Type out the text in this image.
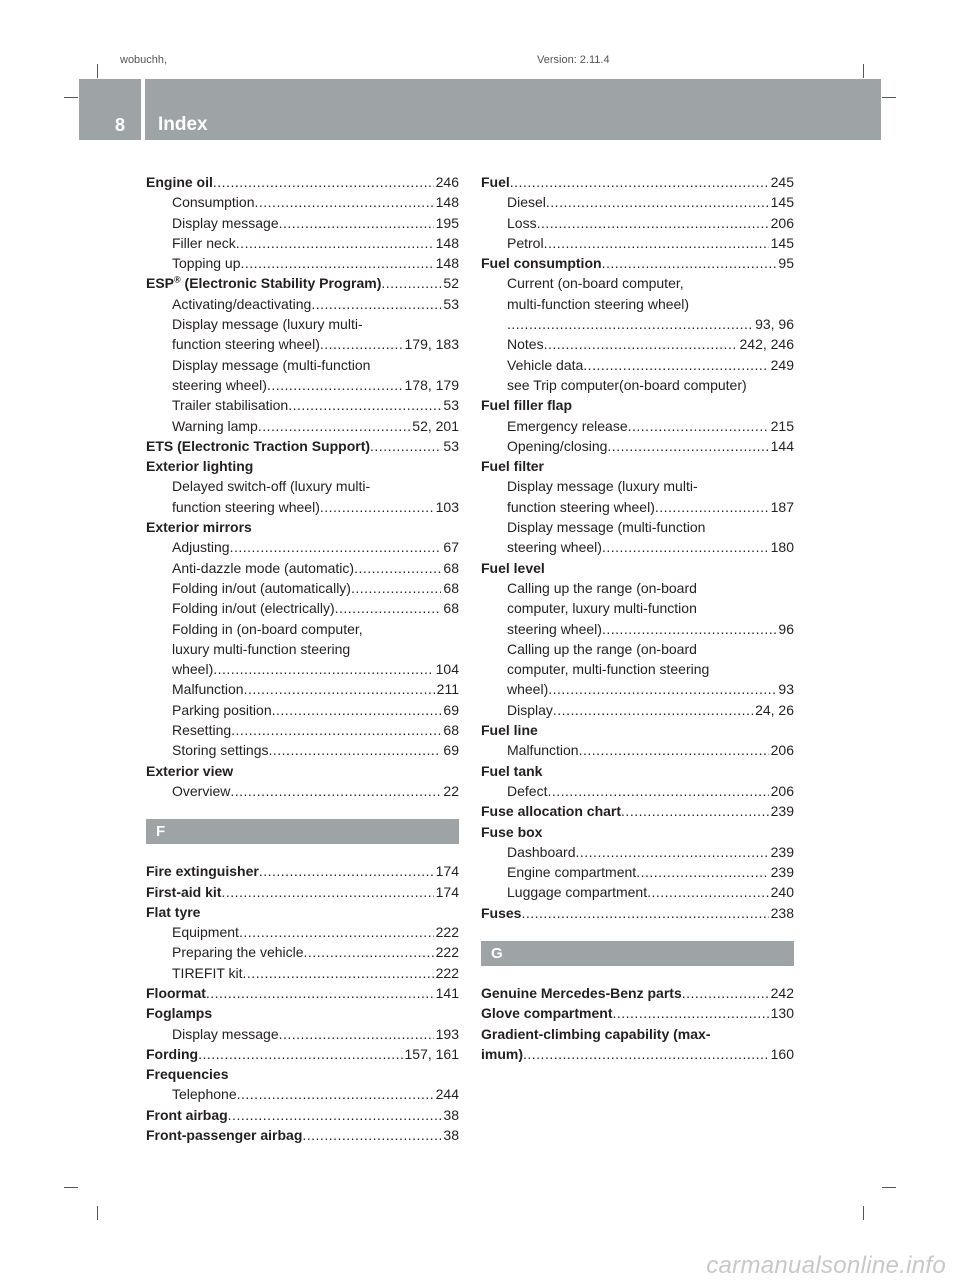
wobuchh,	Version: 2.11.4
8 Index
Engine oil .....	246
Consumption .....	148
Display message .....	195
Filler neck .....	148
Topping up .....	148
ESP® (Electronic Stability Program) .....	52
Activating/deactivating .....	53
Display message (luxury multi-
function steering wheel) .....	179, 183
Display message (multi-function
steering wheel) .....	178, 179
Trailer stabilisation .....	53
Warning lamp .....	52, 201
ETS (Electronic Traction Support) .....	53
Exterior lighting
Delayed switch-off (luxury multi-
function steering wheel) .....	103
Exterior mirrors
Adjusting .....	67
Anti-dazzle mode (automatic) .....	68
Folding in/out (automatically) .....	68
Folding in/out (electrically) .....	68
Folding in (on-board computer,
luxury multi-function steering
wheel) .....	104
Malfunction .....	211
Parking position .....	69
Resetting .....	68
Storing settings .....	69
Exterior view
Overview .....	22
F
Fire extinguisher .....	174
First-aid kit .....	174
Flat tyre
Equipment .....	222
Preparing the vehicle .....	222
TIREFIT kit .....	222
Floormat .....	141
Foglamps
Display message .....	193
Fording .....	157, 161
Frequencies
Telephone .....	244
Front airbag .....	38
Front-passenger airbag .....	38
Fuel .....	245
Diesel .....	145
Loss .....	206
Petrol .....	145
Fuel consumption .....	95
Current (on-board computer,
multi-function steering wheel)
.....
93, 96
Notes .....	242, 246
Vehicle data .....	249
see Trip computer(on-board computer)
Fuel filler flap
Emergency release .....	215
Opening/closing .....	144
Fuel filter
Display message (luxury multi-
function steering wheel) .....	187
Display message (multi-function
steering wheel) .....	180
Fuel level
Calling up the range (on-board
computer, luxury multi-function
steering wheel) .....	96
Calling up the range (on-board
computer, multi-function steering
wheel) .....	93
Display .....	24, 26
Fuel line
Malfunction .....	206
Fuel tank
Defect .....	206
Fuse allocation chart .....	239
Fuse box
Dashboard .....	239
Engine compartment .....	239
Luggage compartment .....	240
Fuses .....	238
G
Genuine Mercedes-Benz parts .....	242
Glove compartment .....	130
Gradient-climbing capability (max-
imum) .....	160
carmanualsonline.info
